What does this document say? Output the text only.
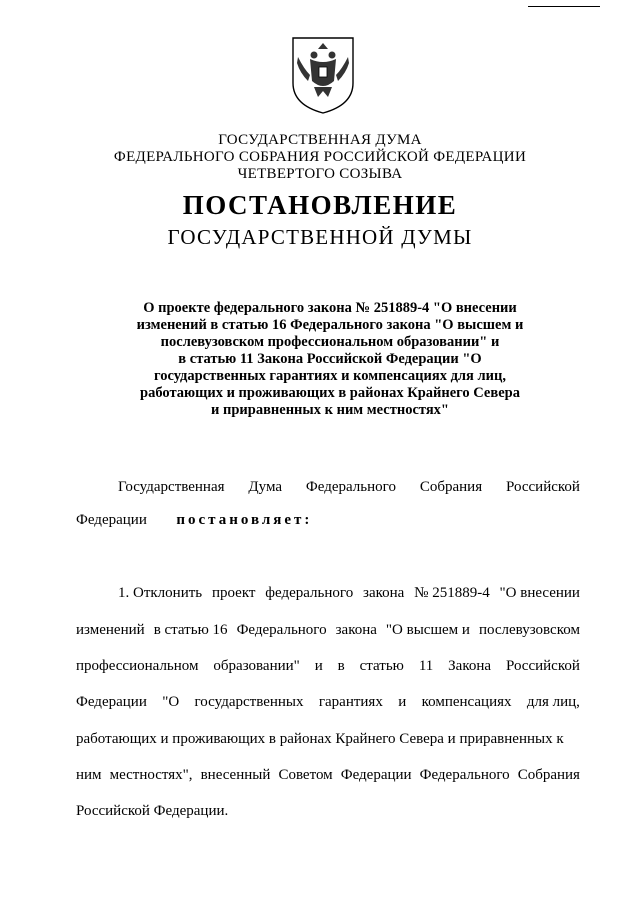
ГОСУДАРСТВЕННАЯ ДУМА
ФЕДЕРАЛЬНОГО СОБРАНИЯ РОССИЙСКОЙ ФЕДЕРАЦИИ
ЧЕТВЕРТОГО СОЗЫВА
ПОСТАНОВЛЕНИЕ
ГОСУДАРСТВЕННОЙ ДУМЫ
О проекте федерального закона № 251889-4 "О внесении
изменений в статью 16 Федерального закона "О высшем и
послевузовском профессиональном образовании" и
в статью 11 Закона Российской Федерации "О
государственных гарантиях и компенсациях для лиц,
работающих и проживающих в районах Крайнего Севера
и приравненных к ним местностях"
Государственная Дума Федерального Собрания Российской
Федерации постановляет:
1. Отклонить проект федерального закона № 251889-4 "О внесении
изменений в статью 16 Федерального закона "О высшем и послевузовском
профессиональном образовании" и в статью 11 Закона Российской
Федерации "О государственных гарантиях и компенсациях для лиц,
работающих и проживающих в районах Крайнего Севера и приравненных к
ним местностях", внесенный Советом Федерации Федерального Собрания
Российской Федерации.
